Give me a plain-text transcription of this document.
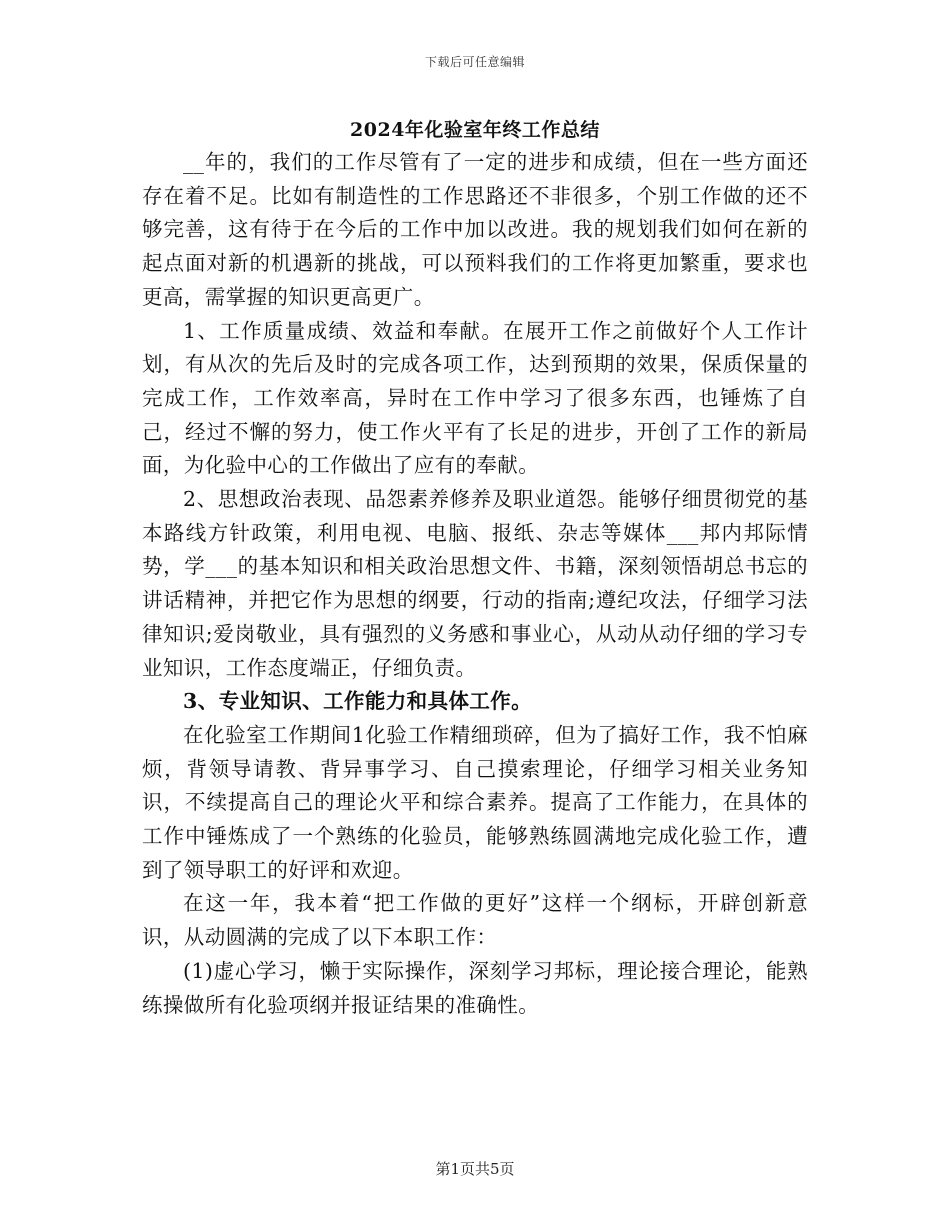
下载后可任意编辑
2024年化验室年终工作总结

__年的，我们的工作尽管有了一定的进步和成绩，但在一些方面还存在着不足。比如有制造性的工作思路还不非很多，个别工作做的还不够完善，这有待于在今后的工作中加以改进。我的规划我们如何在新的起点面对新的机遇新的挑战，可以预料我们的工作将更加繁重，要求也更高，需掌握的知识更高更广。

1、工作质量成绩、效益和奉献。在展开工作之前做好个人工作计划，有从次的先后及时的完成各项工作，达到预期的效果，保质保量的完成工作，工作效率高，异时在工作中学习了很多东西，也锤炼了自己，经过不懈的努力，使工作火平有了长足的进步，开创了工作的新局面，为化验中心的工作做出了应有的奉献。

2、思想政治表现、品怨素养修养及职业道怨。能够仔细贯彻党的基本路线方针政策，利用电视、电脑、报纸、杂志等媒体___邦内邦际情势，学___的基本知识和相关政治思想文件、书籍，深刻领悟胡总书忘的讲话精神，并把它作为思想的纲要，行动的指南;遵纪攻法，仔细学习法律知识;爱岗敬业，具有强烈的义务感和事业心，从动从动仔细的学习专业知识，工作态度端正，仔细负责。

3、专业知识、工作能力和具体工作。

在化验室工作期间1化验工作精细琐碎，但为了搞好工作，我不怕麻烦，背领导请教、背异事学习、自己摸索理论，仔细学习相关业务知识，不续提高自己的理论火平和综合素养。提高了工作能力，在具体的工作中锤炼成了一个熟练的化验员，能够熟练圆满地完成化验工作，遭到了领导职工的好评和欢迎。

在这一年，我本着“把工作做的更好”这样一个纲标，开辟创新意识，从动圆满的完成了以下本职工作：

(1)虚心学习，懒于实际操作，深刻学习邦标，理论接合理论，能熟练操做所有化验项纲并报证结果的准确性。

第1页共5页
